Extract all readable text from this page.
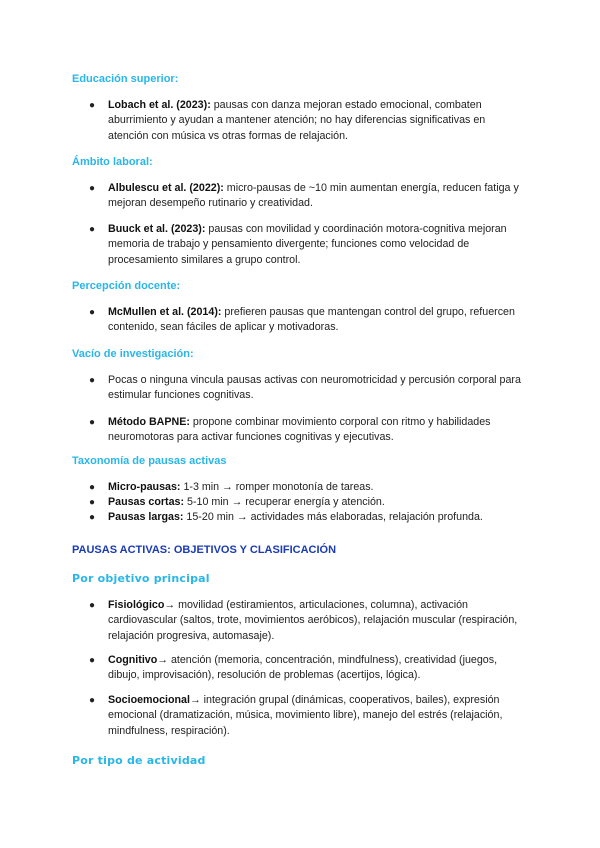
Educación superior:

● Lobach et al. (2023): pausas con danza mejoran estado emocional, combaten aburrimiento y ayudan a mantener atención; no hay diferencias significativas en atención con música vs otras formas de relajación.

Ámbito laboral:

● Albulescu et al. (2022): micro-pausas de ~10 min aumentan energía, reducen fatiga y mejoran desempeño rutinario y creatividad.

● Buuck et al. (2023): pausas con movilidad y coordinación motora-cognitiva mejoran memoria de trabajo y pensamiento divergente; funciones como velocidad de procesamiento similares a grupo control.

Percepción docente:

● McMullen et al. (2014): prefieren pausas que mantengan control del grupo, refuercen contenido, sean fáciles de aplicar y motivadoras.

Vacío de investigación:

● Pocas o ninguna vincula pausas activas con neuromotricidad y percusión corporal para estimular funciones cognitivas.

● Método BAPNE: propone combinar movimiento corporal con ritmo y habilidades neuromotoras para activar funciones cognitivas y ejecutivas.

Taxonomía de pausas activas

● Micro-pausas: 1-3 min → romper monotonía de tareas.

● Pausas cortas: 5-10 min → recuperar energía y atención.

● Pausas largas: 15-20 min → actividades más elaboradas, relajación profunda.

PAUSAS ACTIVAS: OBJETIVOS Y CLASIFICACIÓN

Por objetivo principal

● Fisiológico→ movilidad (estiramientos, articulaciones, columna), activación cardiovascular (saltos, trote, movimientos aeróbicos), relajación muscular (respiración, relajación progresiva, automasaje).

● Cognitivo→ atención (memoria, concentración, mindfulness), creatividad (juegos, dibujo, improvisación), resolución de problemas (acertijos, lógica).

● Socioemocional→ integración grupal (dinámicas, cooperativos, bailes), expresión emocional (dramatización, música, movimiento libre), manejo del estrés (relajación, mindfulness, respiración).

Por tipo de actividad
